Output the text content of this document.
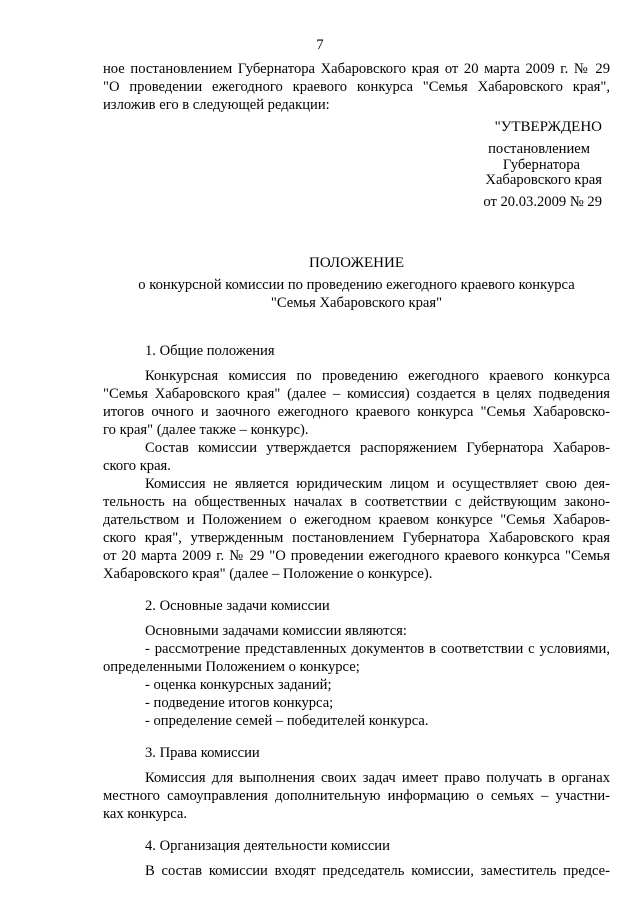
7
ное постановлением Губернатора Хабаровского края от 20 марта 2009 г. № 29
"О проведении ежегодного краевого конкурса "Семья Хабаровского края",
изложив его в следующей редакции:
"УТВЕРЖДЕНО
постановлением
Губернатора
Хабаровского края
от 20.03.2009 № 29
ПОЛОЖЕНИЕ
о конкурсной комиссии по проведению ежегодного краевого конкурса
"Семья Хабаровского края"
1. Общие положения
Конкурсная комиссия по проведению ежегодного краевого конкурса
"Семья Хабаровского края" (далее – комиссия) создается в целях подведения
итогов очного и заочного ежегодного краевого конкурса "Семья Хабаровско-
го края" (далее также – конкурс).
Состав комиссии утверждается распоряжением Губернатора Хабаров-
ского края.
Комиссия не является юридическим лицом и осуществляет свою дея-
тельность на общественных началах в соответствии с действующим законо-
дательством и Положением о ежегодном краевом конкурсе "Семья Хабаров-
ского края", утвержденным постановлением Губернатора Хабаровского края
от 20 марта 2009 г. № 29 "О проведении ежегодного краевого конкурса "Семья
Хабаровского края" (далее – Положение о конкурсе).
2. Основные задачи комиссии
Основными задачами комиссии являются:
- рассмотрение представленных документов в соответствии с условиями,
определенными Положением о конкурсе;
- оценка конкурсных заданий;
- подведение итогов конкурса;
- определение семей – победителей конкурса.
3. Права комиссии
Комиссия для выполнения своих задач имеет право получать в органах
местного самоуправления дополнительную информацию о семьях – участни-
ках конкурса.
4. Организация деятельности комиссии
В состав комиссии входят председатель комиссии, заместитель предсе-
